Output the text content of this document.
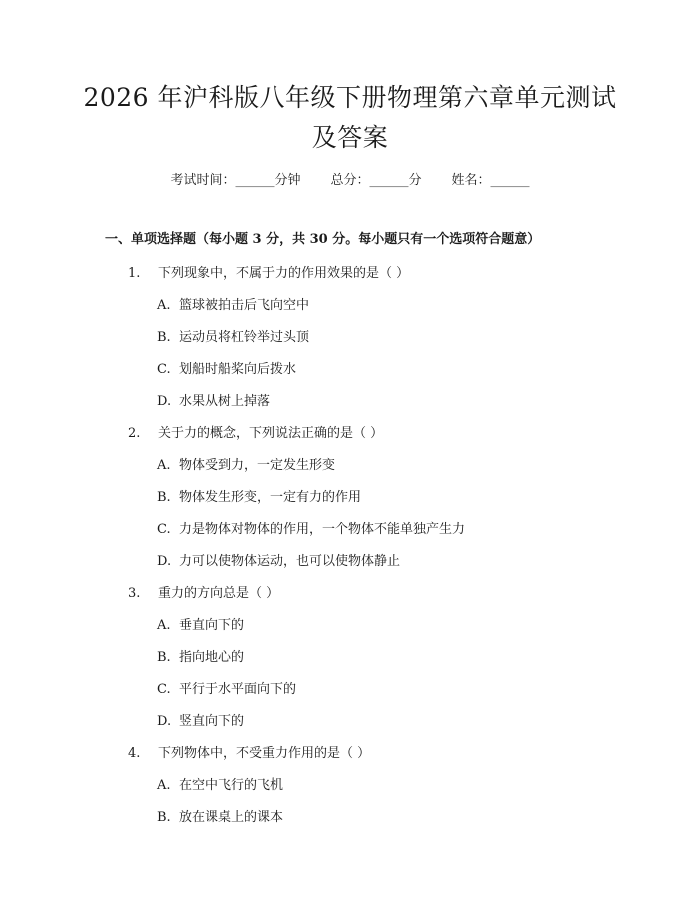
2026 年沪科版八年级下册物理第六章单元测试及答案
考试时间：______分钟 总分：______分 姓名：______
一、单项选择题（每小题 3 分，共 30 分。每小题只有一个选项符合题意）
1. 下列现象中，不属于力的作用效果的是（ ）
A. 篮球被拍击后飞向空中
B. 运动员将杠铃举过头顶
C. 划船时船桨向后拨水
D. 水果从树上掉落
2. 关于力的概念，下列说法正确的是（ ）
A. 物体受到力，一定发生形变
B. 物体发生形变，一定有力的作用
C. 力是物体对物体的作用，一个物体不能单独产生力
D. 力可以使物体运动，也可以使物体静止
3. 重力的方向总是（ ）
A. 垂直向下的
B. 指向地心的
C. 平行于水平面向下的
D. 竖直向下的
4. 下列物体中，不受重力作用的是（ ）
A. 在空中飞行的飞机
B. 放在课桌上的课本
